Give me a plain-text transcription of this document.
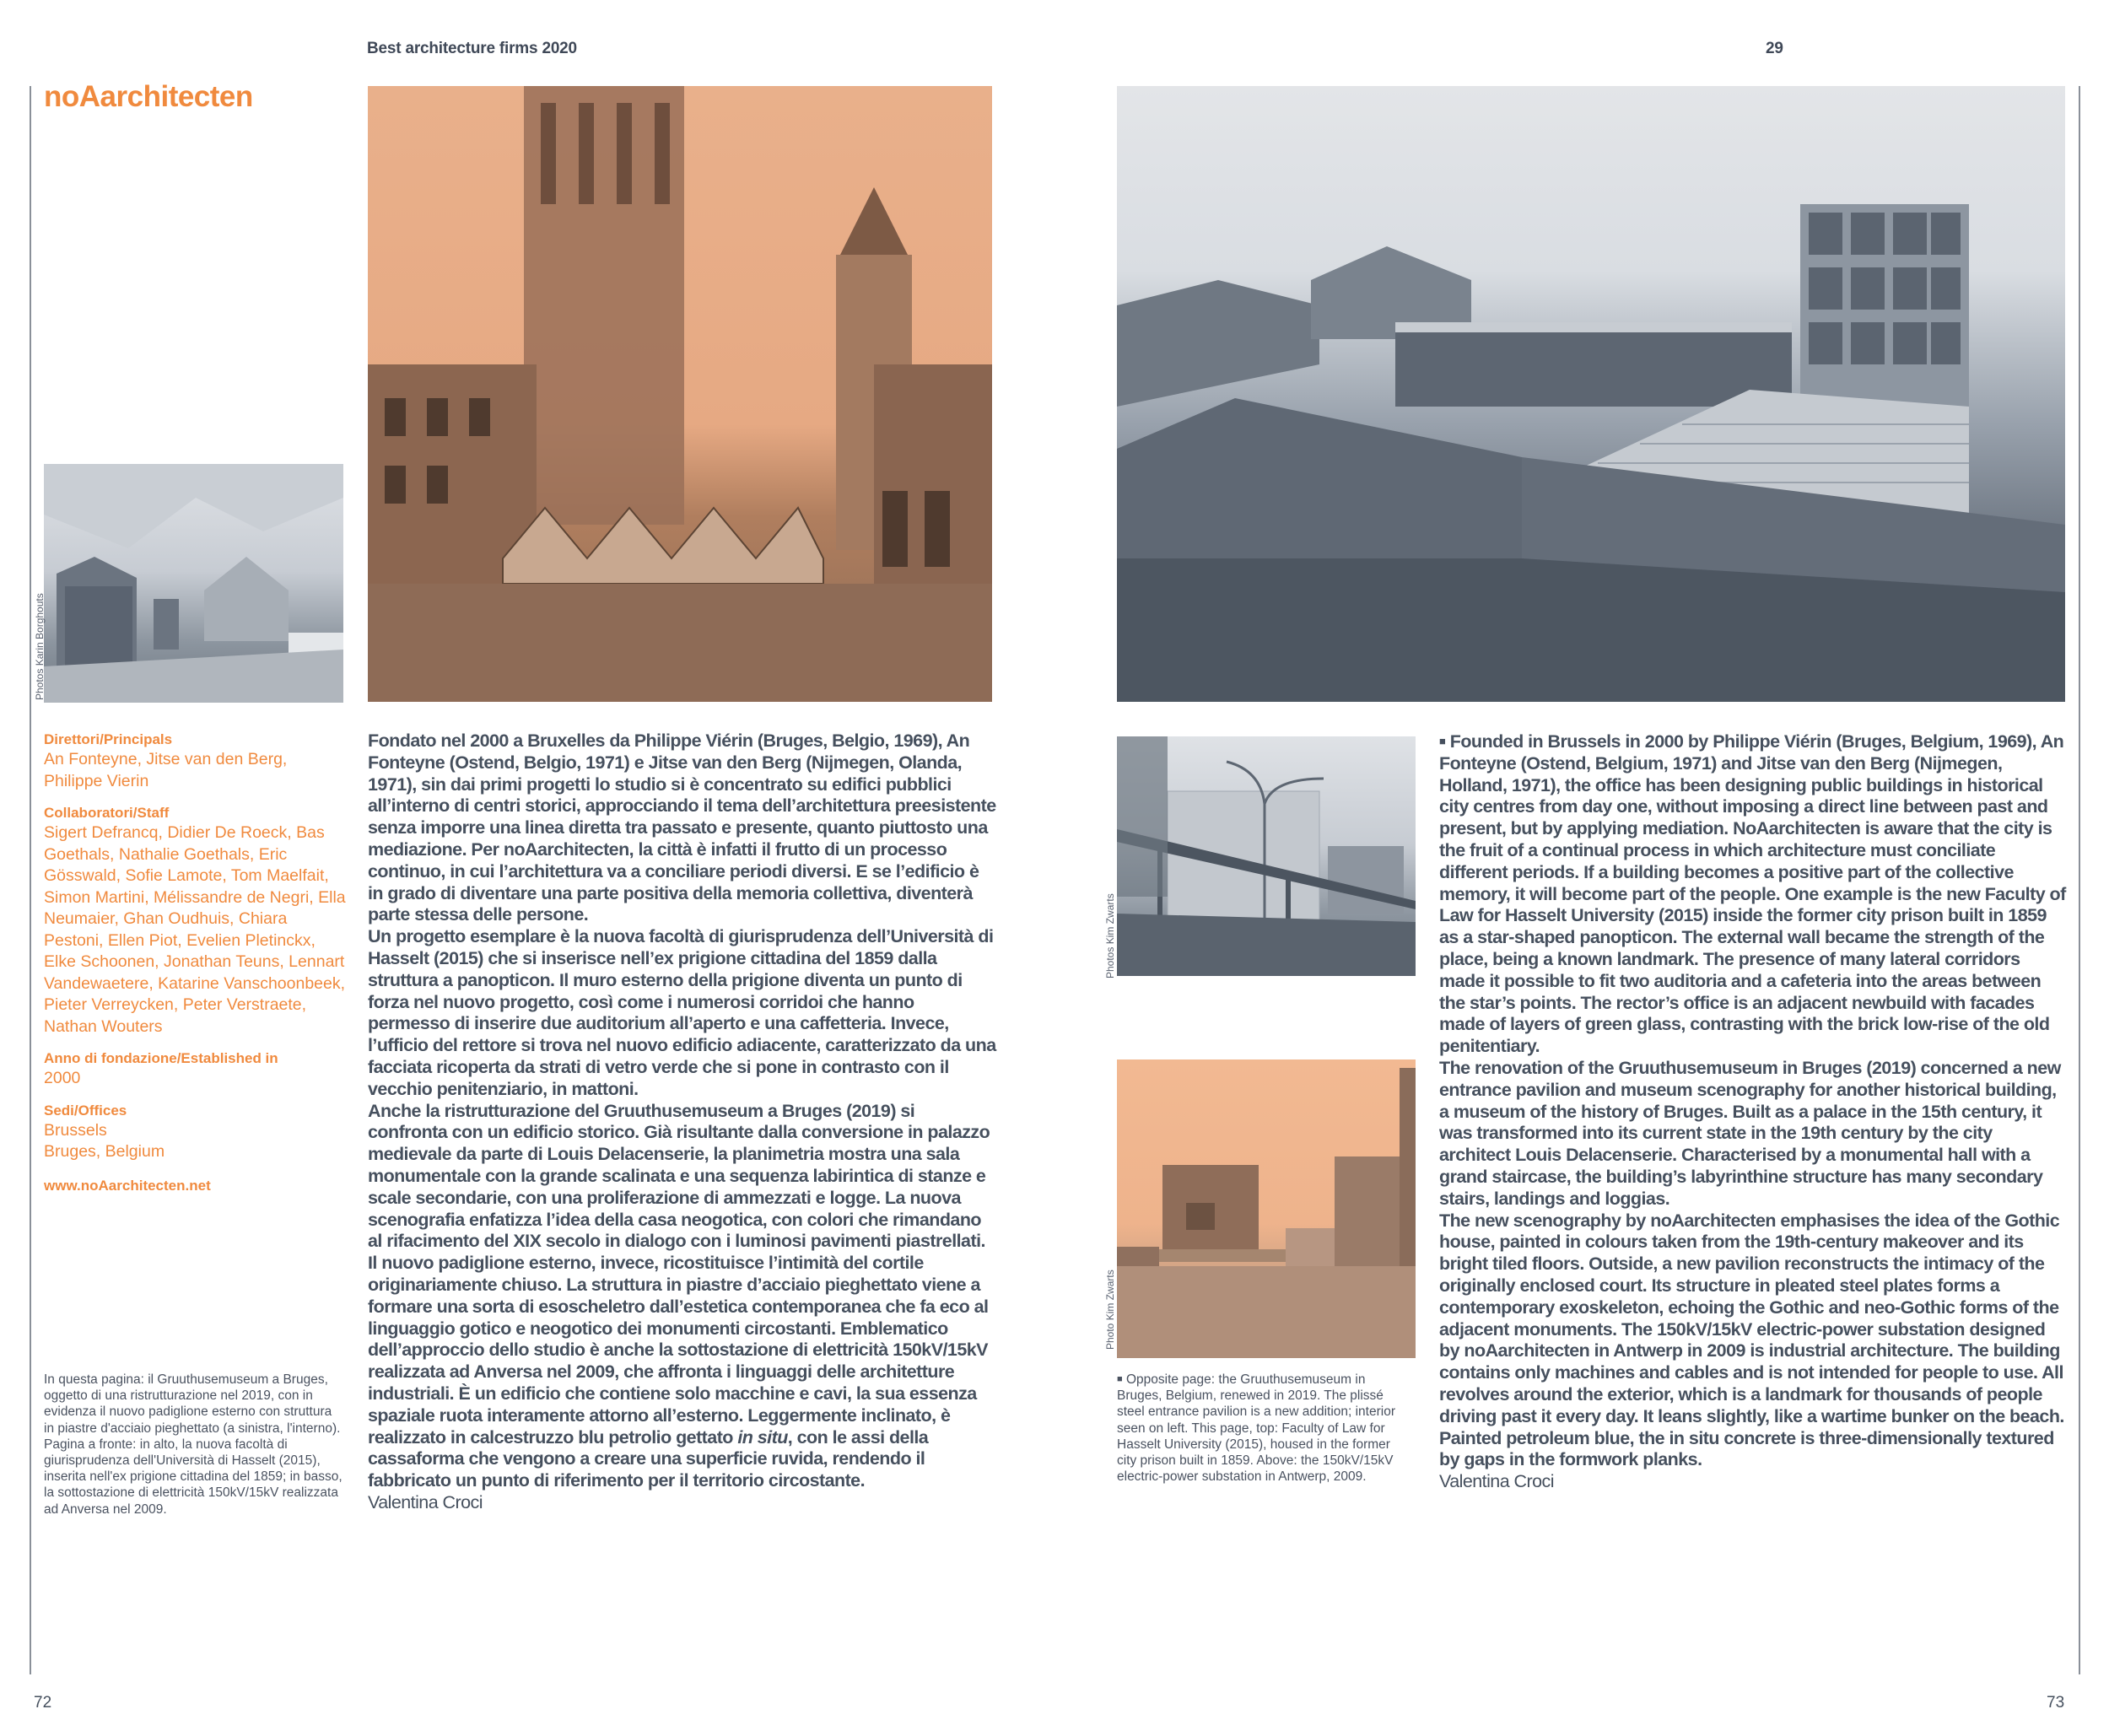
Best architecture firms 2020	29
noAarchitecten
Photos Karin Borghouts
Photos Kim Zwarts
Photo Kim Zwarts
Direttori/Principals
An Fonteyne, Jitse van den Berg, Philippe Vierin
Collaboratori/Staff
Sigert Defrancq, Didier De Roeck, Bas Goethals, Nathalie Goethals, Eric Gösswald, Sofie Lamote, Tom Maelfait, Simon Martini, Mélissandre de Negri, Ella Neumaier, Ghan Oudhuis, Chiara Pestoni, Ellen Piot, Evelien Pletinckx, Elke Schoonen, Jonathan Teuns, Lennart Vandewaetere, Katarine Vanschoonbeek, Pieter Verreycken, Peter Verstraete, Nathan Wouters
Anno di fondazione/Established in
2000
Sedi/Offices
Brussels
Bruges, Belgium
www.noAarchitecten.net
In questa pagina: il Gruuthusemuseum a Bruges, oggetto di una ristrutturazione nel 2019, con in evidenza il nuovo padiglione esterno con struttura in piastre d'acciaio pieghettato (a sinistra, l'interno). Pagina a fronte: in alto, la nuova facoltà di giurisprudenza dell'Università di Hasselt (2015), inserita nell'ex prigione cittadina del 1859; in basso, la sottostazione di elettricità 150kV/15kV realizzata ad Anversa nel 2009.

Fondato nel 2000 a Bruxelles da Philippe Viérin (Bruges, Belgio, 1969), An Fonteyne (Ostend, Belgio, 1971) e Jitse van den Berg (Nijmegen, Olanda, 1971), sin dai primi progetti lo studio si è concentrato su edifici pubblici all’interno di centri storici, approcciando il tema dell’architettura preesistente senza imporre una linea diretta tra passato e presente, quanto piuttosto una mediazione. Per noAarchitecten, la città è infatti il frutto di un processo continuo, in cui l’architettura va a conciliare periodi diversi. E se l’edificio è in grado di diventare una parte positiva della memoria collettiva, diventerà parte stessa delle persone.

Un progetto esemplare è la nuova facoltà di giurisprudenza dell’Università di Hasselt (2015) che si inserisce nell’ex prigione cittadina del 1859 dalla struttura a panopticon. Il muro esterno della prigione diventa un punto di forza nel nuovo progetto, così come i numerosi corridoi che hanno permesso di inserire due auditorium all’aperto e una caffetteria. Invece, l’ufficio del rettore si trova nel nuovo edificio adiacente, caratterizzato da una facciata ricoperta da strati di vetro verde che si pone in contrasto con il vecchio penitenziario, in mattoni.

Anche la ristrutturazione del Gruuthusemuseum a Bruges (2019) si confronta con un edificio storico. Già risultante dalla conversione in palazzo medievale da parte di Louis Delacenserie, la planimetria mostra una sala monumentale con la grande scalinata e una sequenza labirintica di stanze e scale secondarie, con una proliferazione di ammezzati e logge. La nuova scenografia enfatizza l’idea della casa neogotica, con colori che rimandano al rifacimento del XIX secolo in dialogo con i luminosi pavimenti piastrellati. Il nuovo padiglione esterno, invece, ricostituisce l’intimità del cortile originariamente chiuso. La struttura in piastre d’acciaio pieghettato viene a formare una sorta di esoscheletro dall’estetica contemporanea che fa eco al linguaggio gotico e neogotico dei monumenti circostanti. Emblematico dell’approccio dello studio è anche la sottostazione di elettricità 150kV/15kV realizzata ad Anversa nel 2009, che affronta i linguaggi delle architetture industriali. È un edificio che contiene solo macchine e cavi, la sua essenza spaziale ruota interamente attorno all’esterno. Leggermente inclinato, è realizzato in calcestruzzo blu petrolio gettato in situ, con le assi della cassaforma che vengono a creare una superficie ruvida, rendendo il fabbricato un punto di riferimento per il territorio circostante.

Valentina Croci

■ Founded in Brussels in 2000 by Philippe Viérin (Bruges, Belgium, 1969), An Fonteyne (Ostend, Belgium, 1971) and Jitse van den Berg (Nijmegen, Holland, 1971), the office has been designing public buildings in historical city centres from day one, without imposing a direct line between past and present, but by applying mediation. NoAarchitecten is aware that the city is the fruit of a continual process in which architecture must conciliate different periods. If a building becomes a positive part of the collective memory, it will become part of the people. One example is the new Faculty of Law for Hasselt University (2015) inside the former city prison built in 1859 as a star-shaped panopticon. The external wall became the strength of the place, being a known landmark. The presence of many lateral corridors made it possible to fit two auditoria and a cafeteria into the areas between the star’s points. The rector’s office is an adjacent newbuild with facades made of layers of green glass, contrasting with the brick low-rise of the old penitentiary.

The renovation of the Gruuthusemuseum in Bruges (2019) concerned a new entrance pavilion and museum scenography for another historical building, a museum of the history of Bruges. Built as a palace in the 15th century, it was transformed into its current state in the 19th century by the city architect Louis Delacenserie. Characterised by a monumental hall with a grand staircase, the building’s labyrinthine structure has many secondary stairs, landings and loggias.

The new scenography by noAarchitecten emphasises the idea of the Gothic house, painted in colours taken from the 19th-century makeover and its bright tiled floors. Outside, a new pavilion reconstructs the intimacy of the originally enclosed court. Its structure in pleated steel plates forms a contemporary exoskeleton, echoing the Gothic and neo-Gothic forms of the adjacent monuments. The 150kV/15kV electric-power substation designed by noAarchitecten in Antwerp in 2009 is industrial architecture. The building contains only machines and cables and is not intended for people to use. All revolves around the exterior, which is a landmark for thousands of people driving past it every day. It leans slightly, like a wartime bunker on the beach. Painted petroleum blue, the in situ concrete is three-dimensionally textured by gaps in the formwork planks.

Valentina Croci

■ Opposite page: the Gruuthusemuseum in Bruges, Belgium, renewed in 2019. The plissé steel entrance pavilion is a new addition; interior seen on left. This page, top: Faculty of Law for Hasselt University (2015), housed in the former city prison built in 1859. Above: the 150kV/15kV electric-power substation in Antwerp, 2009.
72	73
